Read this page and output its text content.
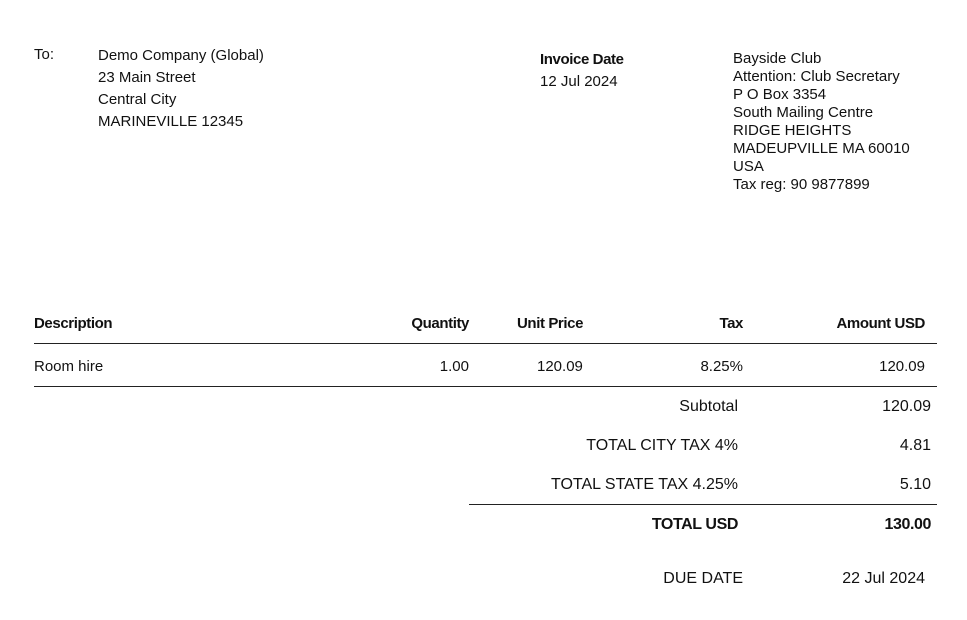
To:	Demo Company (Global)
23 Main Street
Central City
MARINEVILLE 12345
Invoice Date
12 Jul 2024
Bayside Club
Attention: Club Secretary
P O Box 3354
South Mailing Centre
RIDGE HEIGHTS
MADEUPVILLE MA 60010
USA
Tax reg: 90 9877899
Description	Quantity	Unit Price	Tax	Amount USD
Room hire	1.00	120.09	8.25%	120.09
Subtotal	120.09
TOTAL CITY TAX 4%	4.81
TOTAL STATE TAX 4.25%	5.10
TOTAL USD	130.00
DUE DATE	22 Jul 2024
